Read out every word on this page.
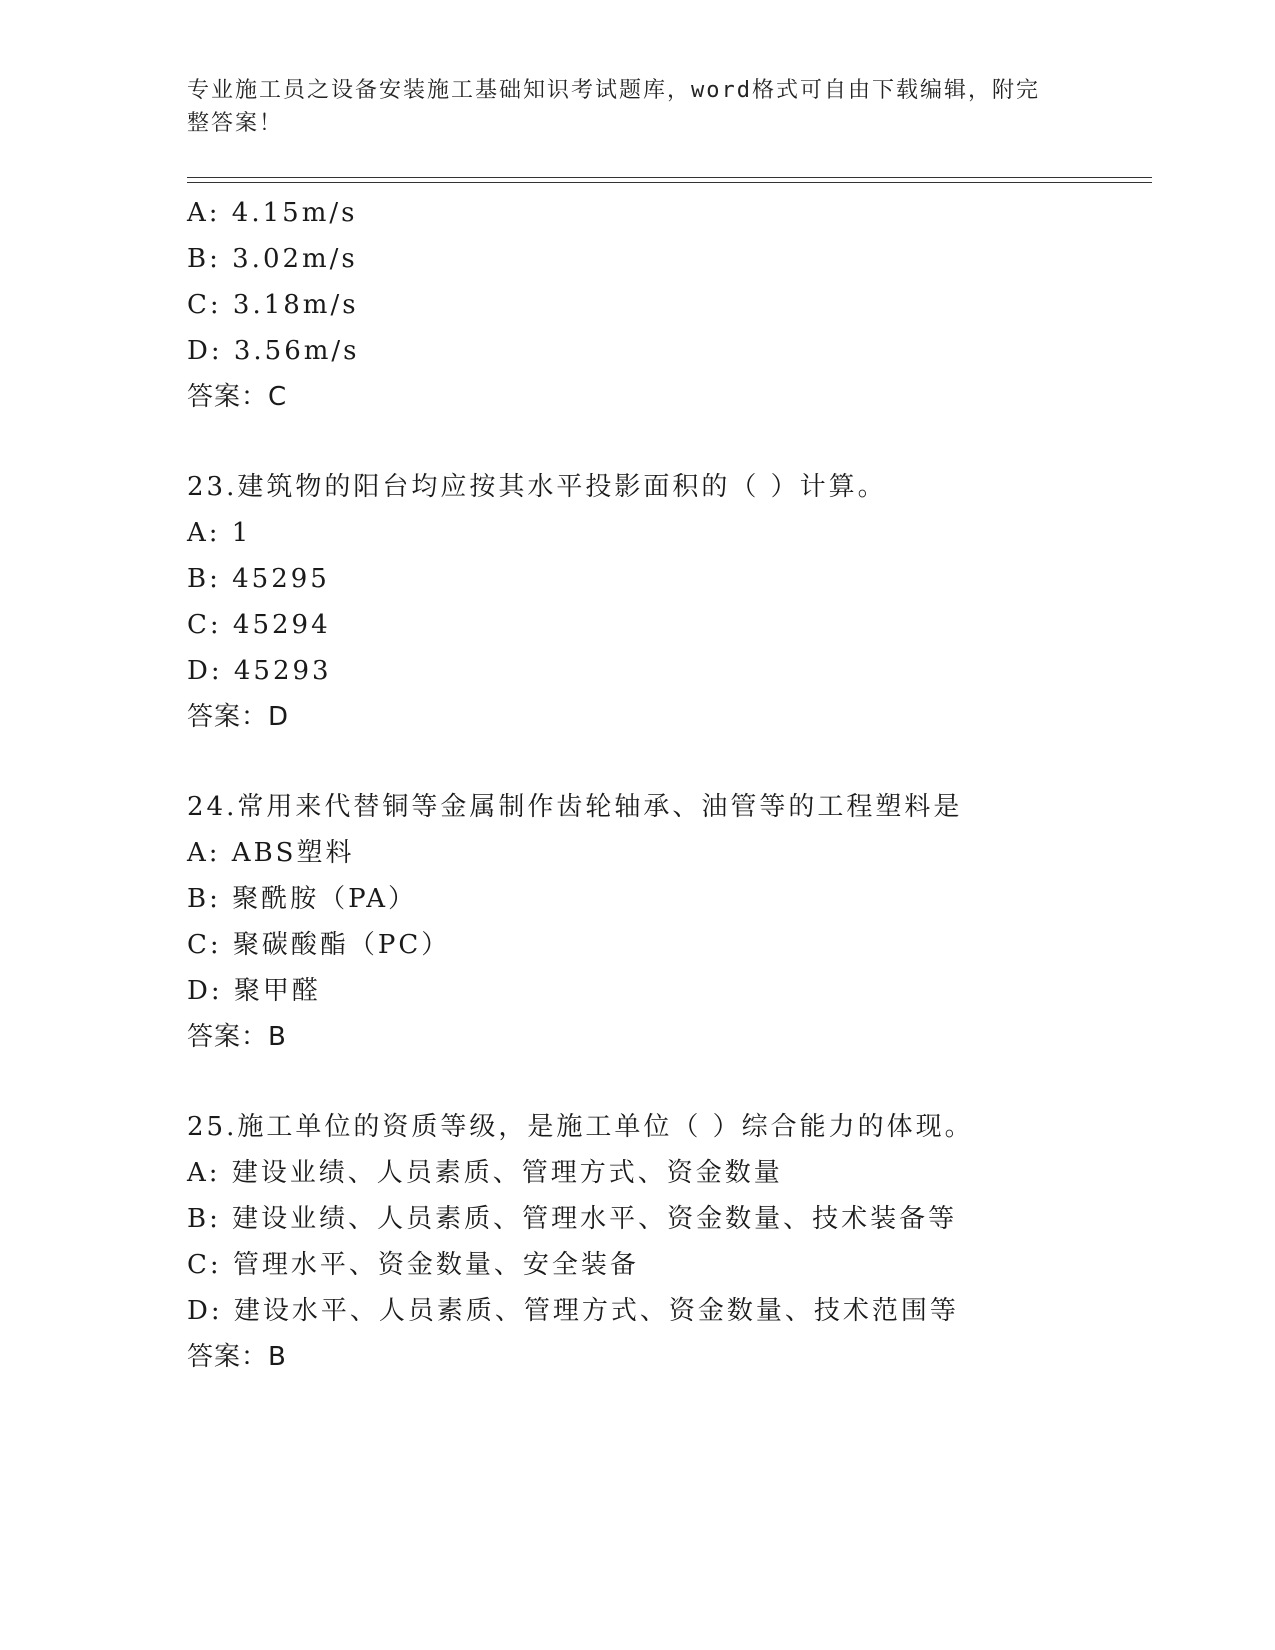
专业施工员之设备安装施工基础知识考试题库，word格式可自由下载编辑，附完
整答案！
A: 4.15m/s
B: 3.02m/s
C: 3.18m/s
D: 3.56m/s
答案：C
23.建筑物的阳台均应按其水平投影面积的（ ）计算。
A: 1
B: 45295
C: 45294
D: 45293
答案：D
24.常用来代替铜等金属制作齿轮轴承、油管等的工程塑料是
A: ABS塑料
B: 聚酰胺（PA）
C: 聚碳酸酯（PC）
D: 聚甲醛
答案：B
25.施工单位的资质等级，是施工单位（ ）综合能力的体现。
A: 建设业绩、人员素质、管理方式、资金数量
B: 建设业绩、人员素质、管理水平、资金数量、技术装备等
C: 管理水平、资金数量、安全装备
D: 建设水平、人员素质、管理方式、资金数量、技术范围等
答案：B
